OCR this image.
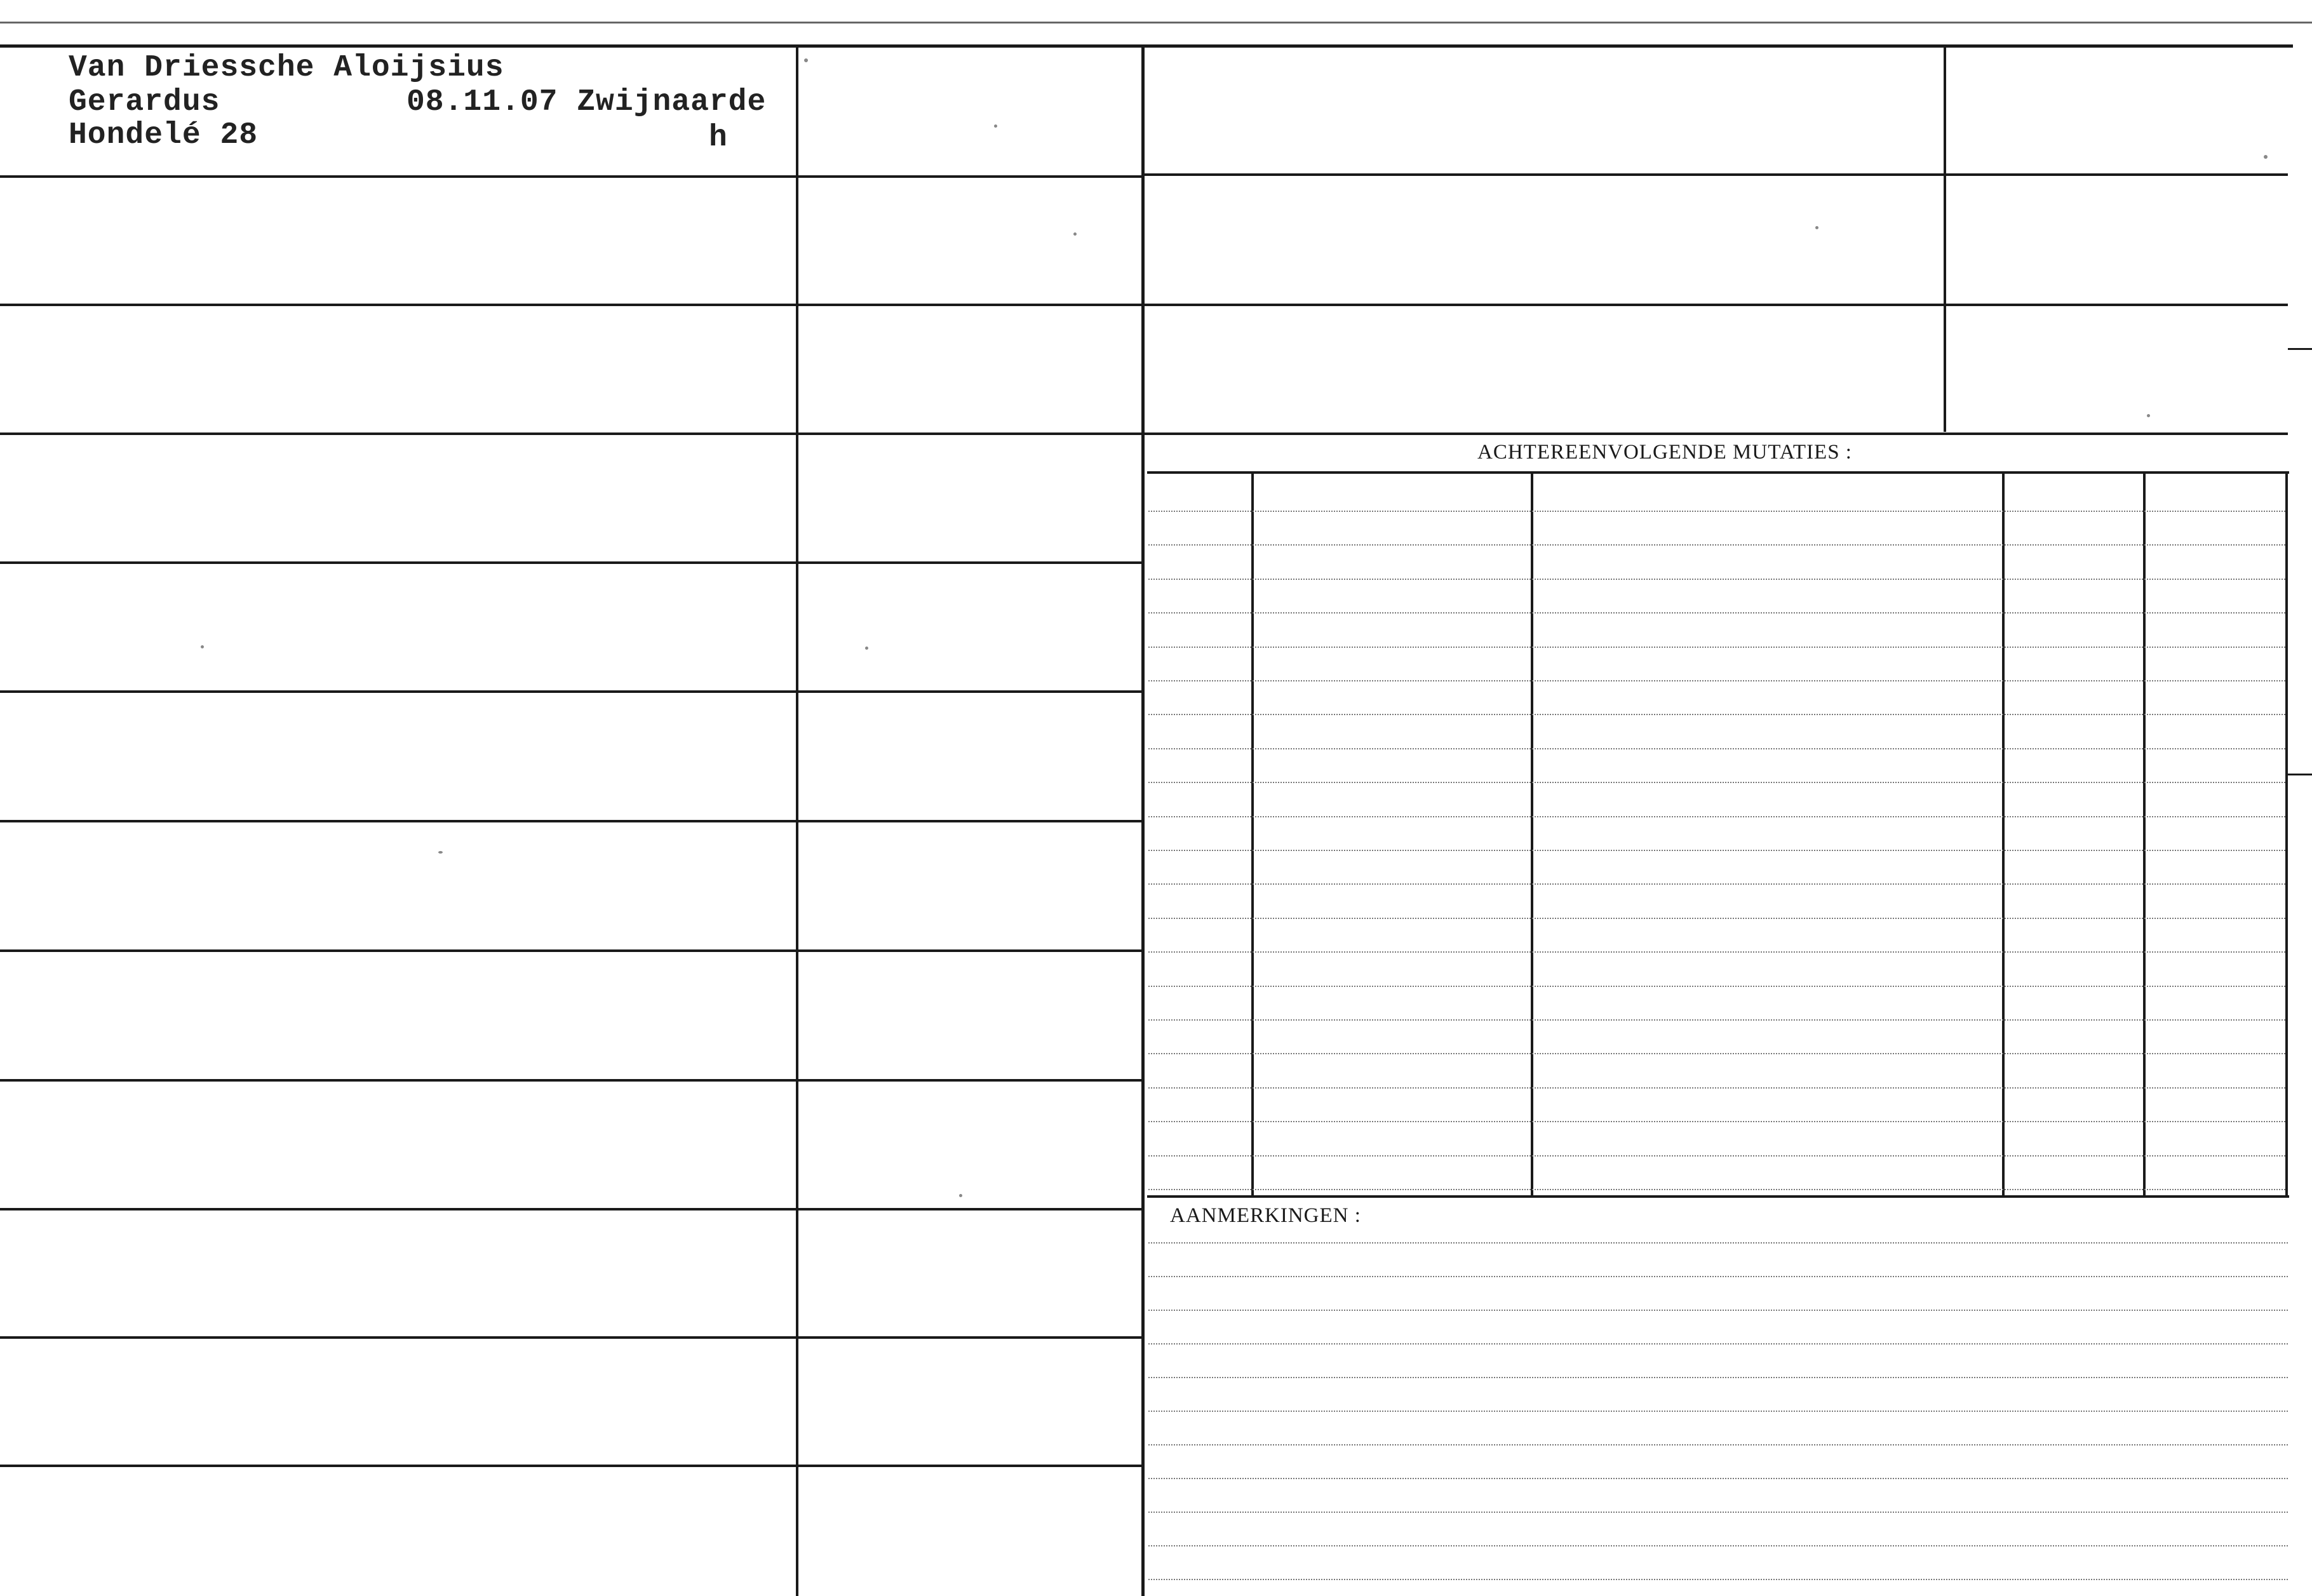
Van Driessche Aloijsius
Gerardus	08.11.07 Zwijnaarde
Hondelé 28	h
ACHTEREENVOLGENDE MUTATIES :
AANMERKINGEN :
